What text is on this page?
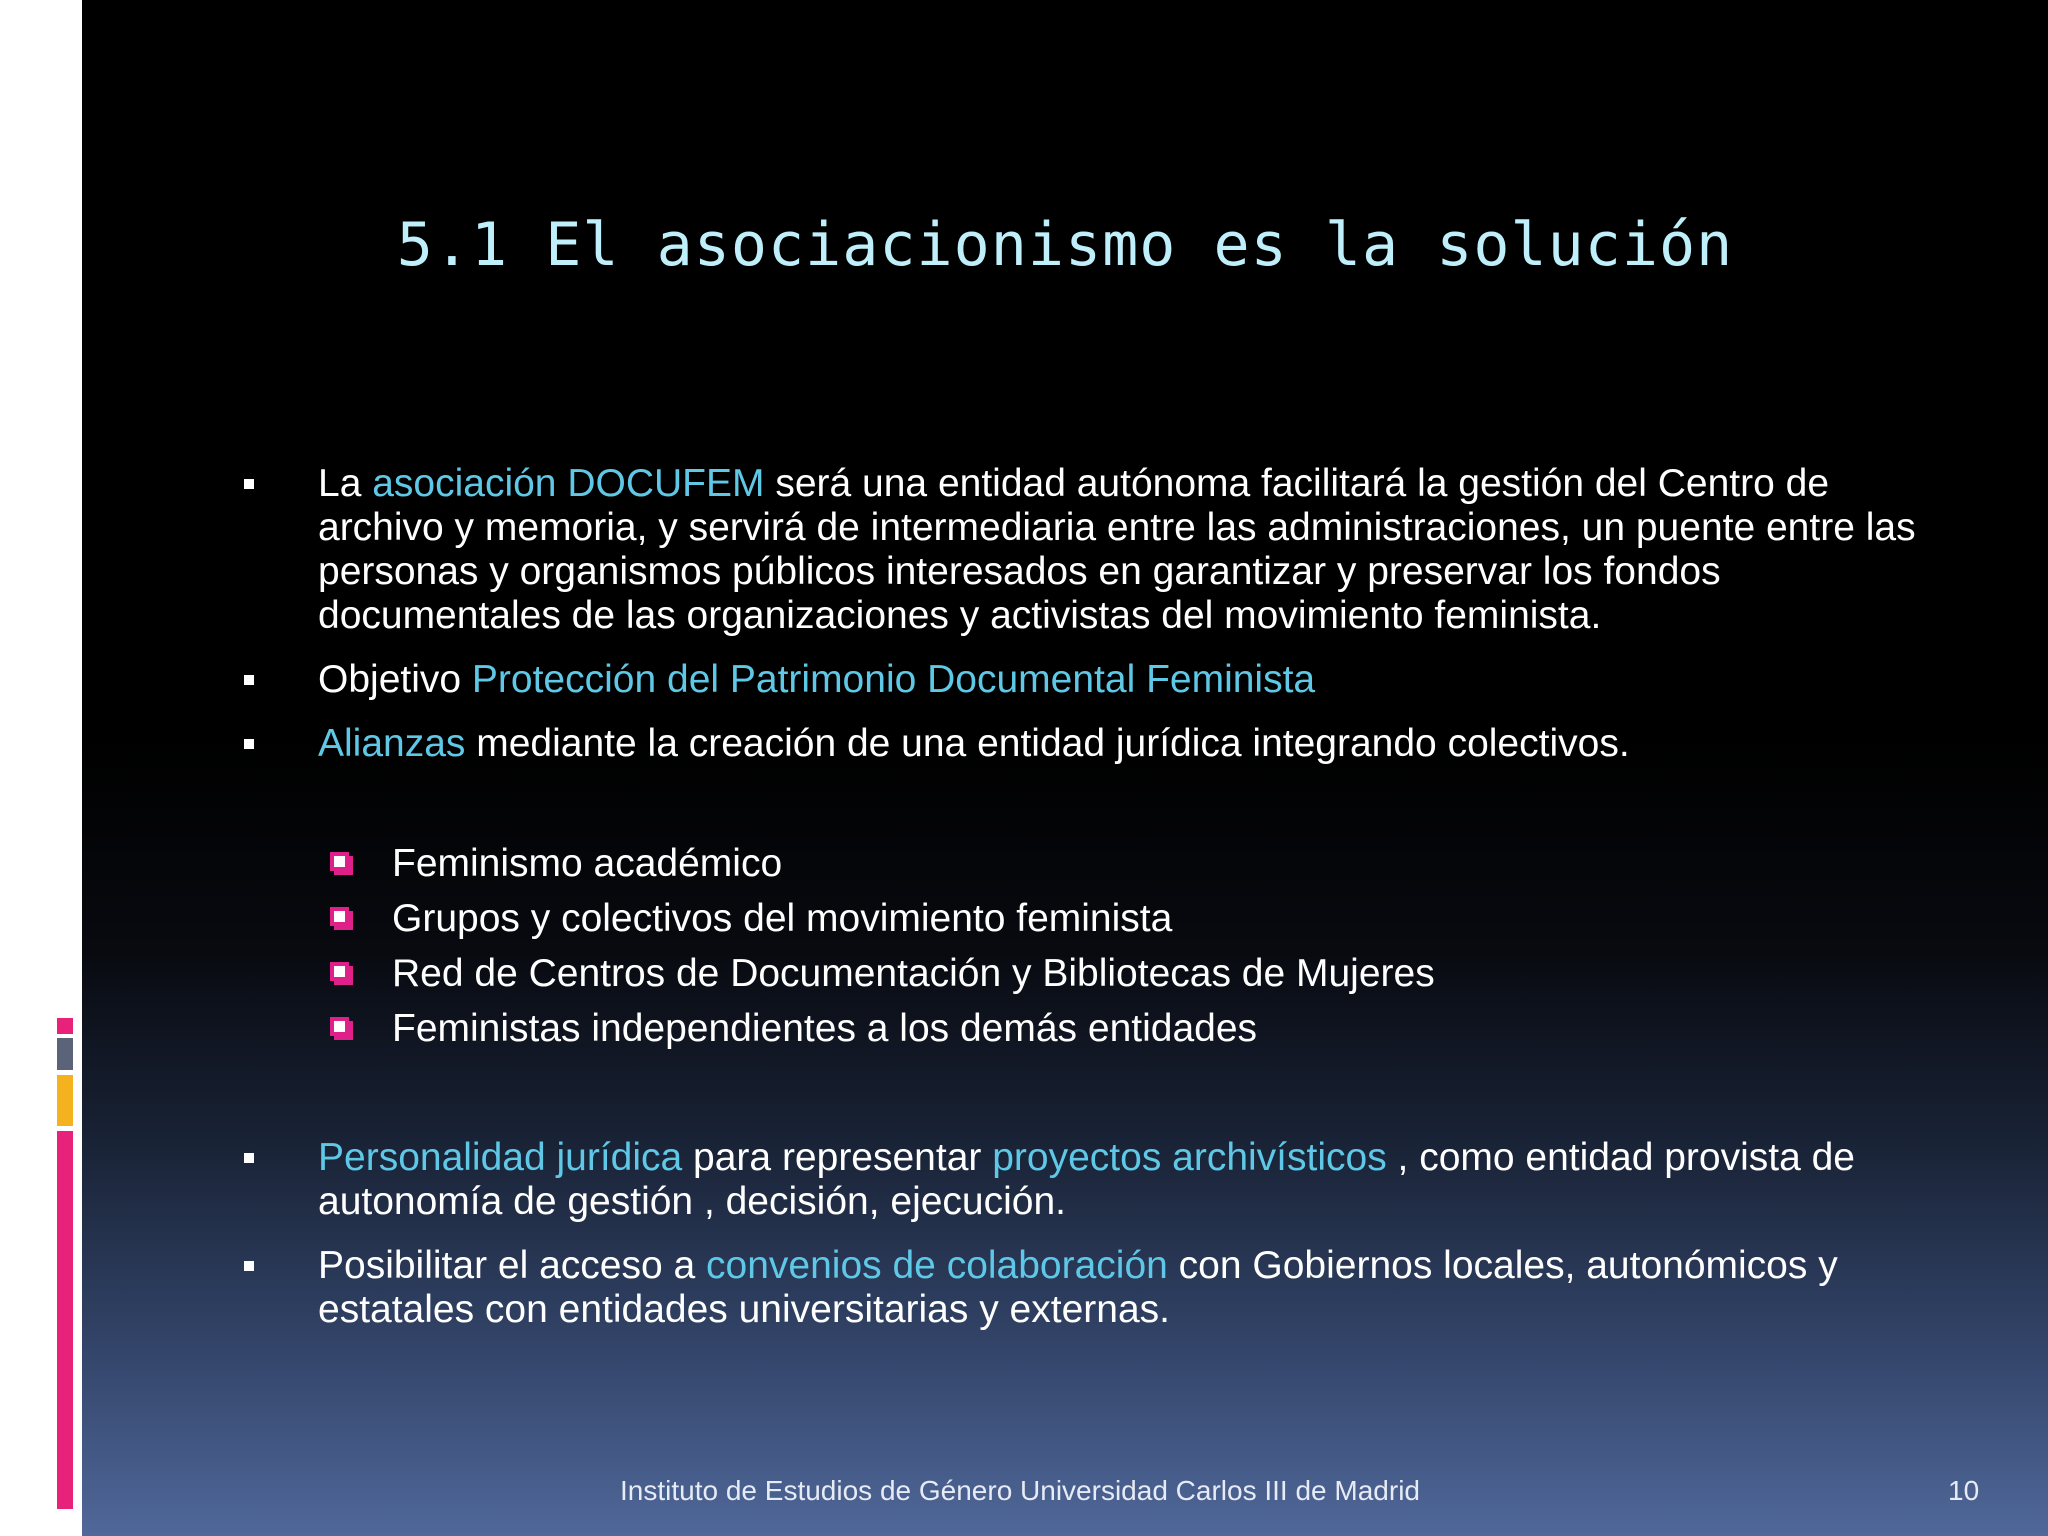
5.1 El asociacionismo es la solución

La asociación DOCUFEM será una entidad autónoma facilitará la gestión del Centro de archivo y memoria, y servirá de intermediaria entre las administraciones, un puente entre las personas y organismos públicos interesados en garantizar y preservar los fondos documentales de las organizaciones y activistas del movimiento feminista.

Objetivo Protección del Patrimonio Documental Feminista

Alianzas mediante la creación de una entidad jurídica integrando colectivos.

Feminismo académico
Grupos y colectivos del movimiento feminista
Red de Centros de Documentación y Bibliotecas de Mujeres
Feministas independientes a los demás entidades

Personalidad jurídica para representar proyectos archivísticos , como entidad provista de autonomía de gestión , decisión, ejecución.

Posibilitar el acceso a convenios de colaboración con Gobiernos locales, autonómicos y estatales con entidades universitarias y externas.

Instituto de Estudios de Género Universidad Carlos III de Madrid	10
